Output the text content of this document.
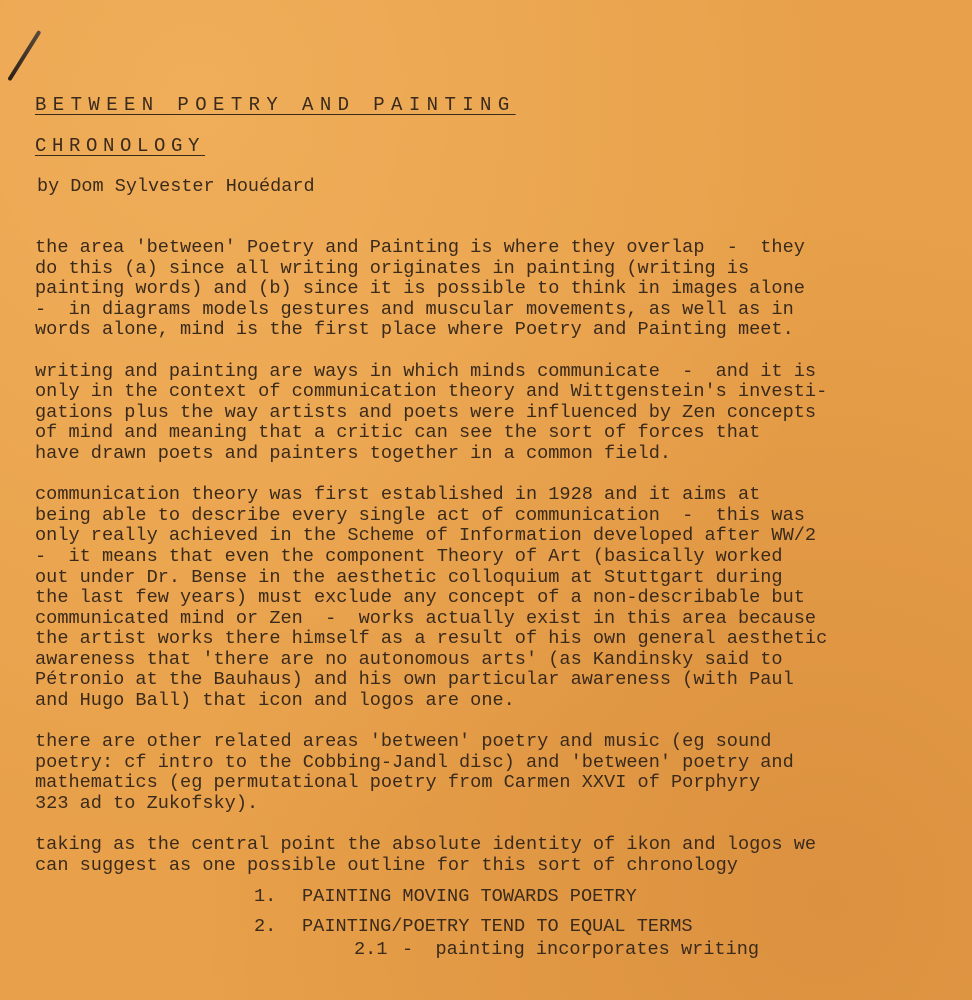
BETWEEN POETRY AND PAINTING
CHRONOLOGY
by Dom Sylvester Houédard

the area 'between' Poetry and Painting is where they overlap  -  they
do this (a) since all writing originates in painting (writing is
painting words) and (b) since it is possible to think in images alone
-  in diagrams models gestures and muscular movements, as well as in
words alone, mind is the first place where Poetry and Painting meet.

writing and painting are ways in which minds communicate  -  and it is
only in the context of communication theory and Wittgenstein's investi-
gations plus the way artists and poets were influenced by Zen concepts
of mind and meaning that a critic can see the sort of forces that
have drawn poets and painters together in a common field.

communication theory was first established in 1928 and it aims at
being able to describe every single act of communication  -  this was
only really achieved in the Scheme of Information developed after WW/2
-  it means that even the component Theory of Art (basically worked
out under Dr. Bense in the aesthetic colloquium at Stuttgart during
the last few years) must exclude any concept of a non-describable but
communicated mind or Zen  -  works actually exist in this area because
the artist works there himself as a result of his own general aesthetic
awareness that 'there are no autonomous arts' (as Kandinsky said to
Pétronio at the Bauhaus) and his own particular awareness (with Paul
and Hugo Ball) that icon and logos are one.

there are other related areas 'between' poetry and music (eg sound
poetry: cf intro to the Cobbing-Jandl disc) and 'between' poetry and
mathematics (eg permutational poetry from Carmen XXVI of Porphyry
323 ad to Zukofsky).

taking as the central point the absolute identity of ikon and logos we
can suggest as one possible outline for this sort of chronology

1. PAINTING MOVING TOWARDS POETRY
2. PAINTING/POETRY TEND TO EQUAL TERMS
2.1 -  painting incorporates writing
